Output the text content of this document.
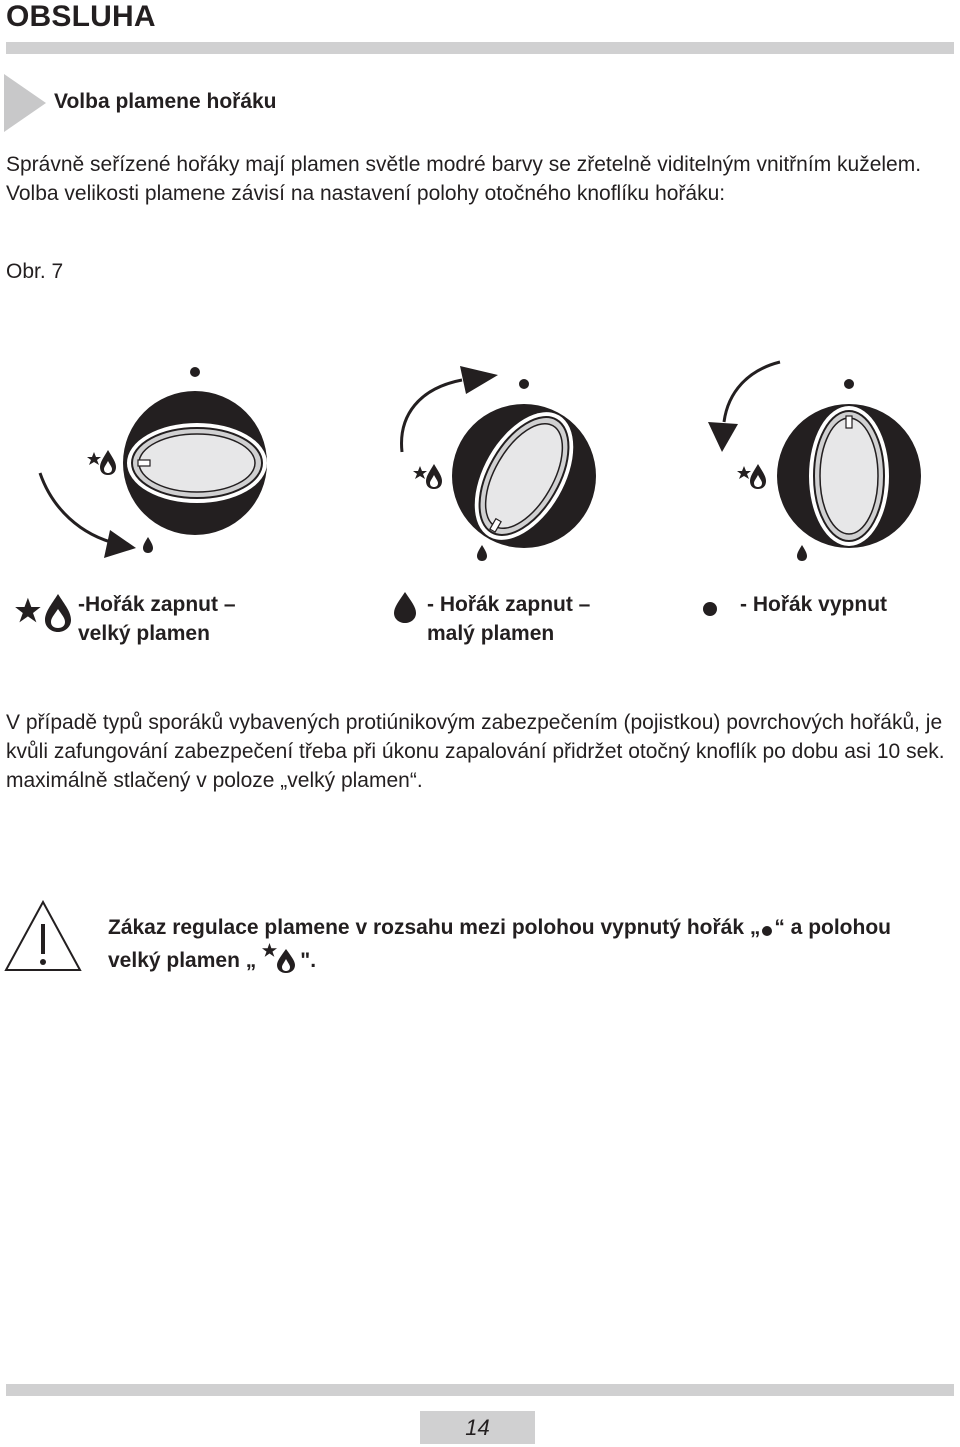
OBSLUHA
Volba plamene hořáku
Správně seřízené hořáky mají plamen světle modré barvy se zřetelně viditelným vnitřním kuželem. Volba velikosti plamene závisí na nastavení polohy otočného knoflíku hořáku:
Obr. 7
-Hořák zapnut –
velký plamen
- Hořák zapnut –
malý plamen
- Hořák vypnut
V případě typů sporáků vybavených protiúnikovým zabezpečením (pojistkou) povrchových hořáků, je kvůli zafungování zabezpečení třeba při úkonu zapalování přidržet otočný knoflík po dobu asi 10 sek. maximálně stlačený v poloze „velký plamen“.
Zákaz regulace plamene v rozsahu mezi polohou vypnutý hořák „ “ a polohou
velký plamen „ ".
14
